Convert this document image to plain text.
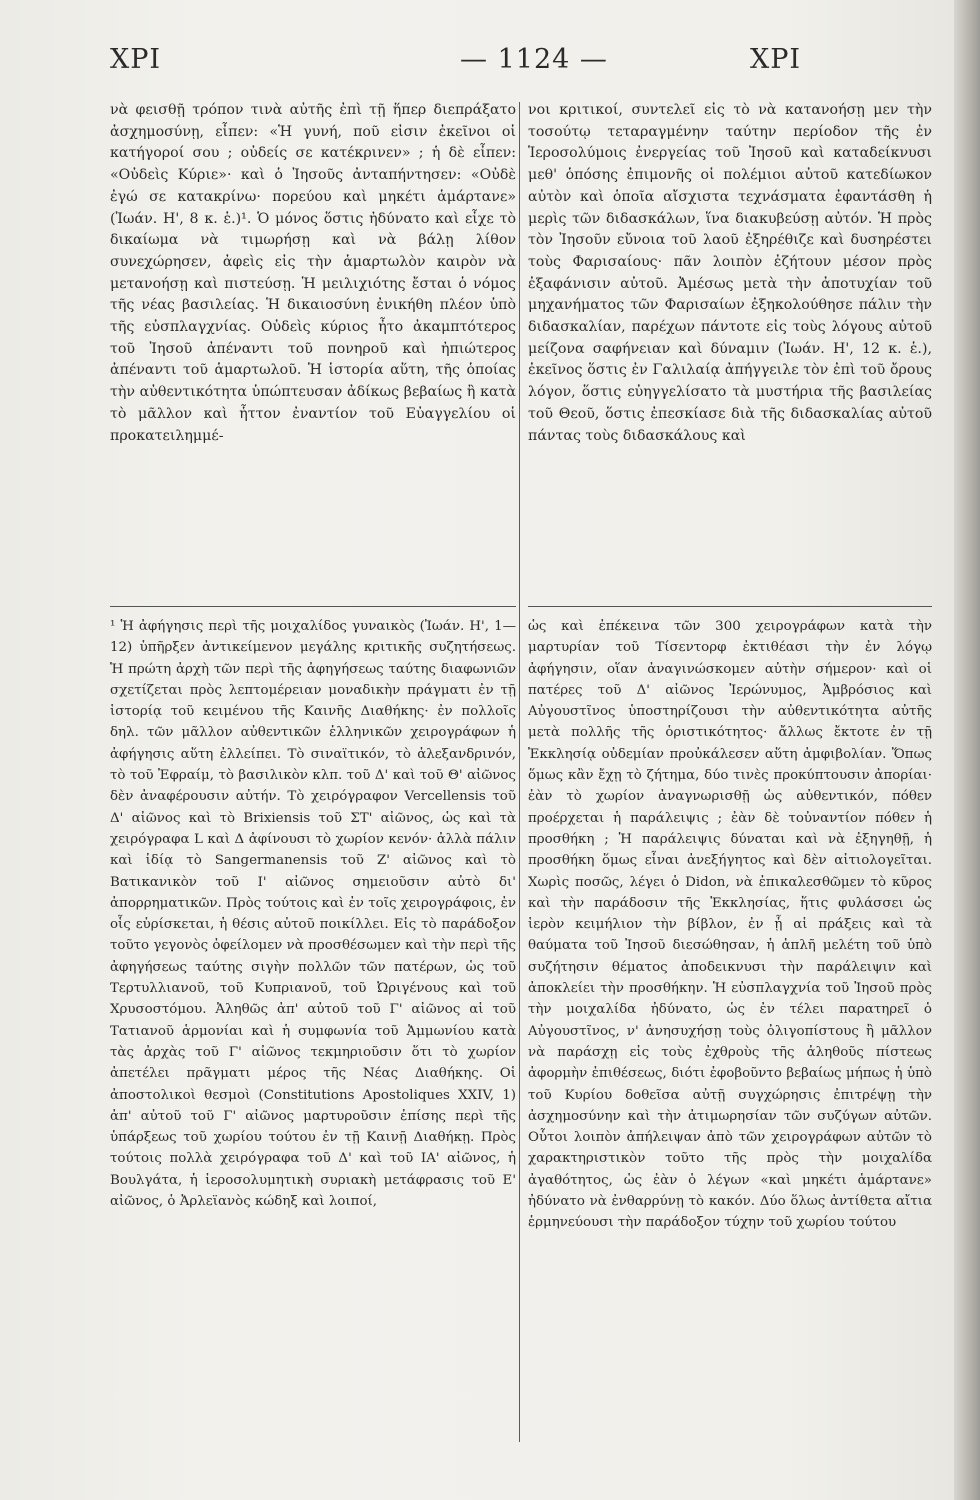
ΧΡΙ	— 1124 —	ΧΡΙ

νὰ φεισθῇ τρόπον τινὰ αὐτῆς ἐπὶ τῇ ἥπερ διεπράξατο ἀσχημοσύνῃ, εἶπεν: «Ἡ γυνή, ποῦ εἰσιν ἐκεῖνοι οἱ κατήγοροί σου ; οὐδείς σε κατέκρινεν» ; ἡ δὲ εἶπεν: «Οὐδεὶς Κύριε»· καὶ ὁ Ἰησοῦς ἀνταπήντησεν: «Οὐδὲ ἐγώ σε κατακρίνω· πορεύου καὶ μηκέτι ἁμάρτανε» (Ἰωάν. Η', 8 κ. ἑ.)¹. Ὁ μόνος ὅστις ἠδύνατο καὶ εἶχε τὸ δικαίωμα νὰ τιμωρήσῃ καὶ νὰ βάλῃ λίθον συνεχώρησεν, ἀφεὶς εἰς τὴν ἁμαρτωλὸν καιρὸν νὰ μετανοήσῃ καὶ πιστεύσῃ. Ἡ μειλιχιότης ἔσται ὁ νόμος τῆς νέας βασιλείας. Ἡ δικαιοσύνη ἐνικήθη πλέον ὑπὸ τῆς εὐσπλαγχνίας. Οὐδεὶς κύριος ἦτο ἀκαμπτότερος τοῦ Ἰησοῦ ἀπέναντι τοῦ πονηροῦ καὶ ἠπιώτερος ἀπέναντι τοῦ ἁμαρτωλοῦ. Ἡ ἱστορία αὕτη, τῆς ὁποίας τὴν αὐθεντικότητα ὑπώπτευσαν ἀδίκως βεβαίως ἢ κατὰ τὸ μᾶλλον καὶ ἧττον ἐναντίον τοῦ Εὐαγγελίου οἱ προκατειλημμέ-

νοι κριτικοί, συντελεῖ εἰς τὸ νὰ κατανοήσῃ μεν τὴν τοσούτῳ τεταραγμένην ταύτην περίοδον τῆς ἐν Ἱεροσολύμοις ἐνεργείας τοῦ Ἰησοῦ καὶ καταδείκνυσι μεθ' ὁπόσης ἐπιμονῆς οἱ πολέμιοι αὐτοῦ κατεδίωκον αὐτὸν καὶ ὁποῖα αἴσχιστα τεχνάσματα ἐφαντάσθη ἡ μερὶς τῶν διδασκάλων, ἵνα διακυβεύσῃ αὐτόν. Ἡ πρὸς τὸν Ἰησοῦν εὔνοια τοῦ λαοῦ ἐξηρέθιζε καὶ δυσηρέστει τοὺς Φαρισαίους· πᾶν λοιπὸν ἐζήτουν μέσον πρὸς ἐξαφάνισιν αὐτοῦ. Ἀμέσως μετὰ τὴν ἀποτυχίαν τοῦ μηχανήματος τῶν Φαρισαίων ἐξηκολούθησε πάλιν τὴν διδασκαλίαν, παρέχων πάντοτε εἰς τοὺς λόγους αὐτοῦ μείζονα σαφήνειαν καὶ δύναμιν (Ἰωάν. Η', 12 κ. ἑ.), ἐκεῖνος ὅστις ἐν Γαλιλαίᾳ ἀπήγγειλε τὸν ἐπὶ τοῦ ὄρους λόγον, ὅστις εὐηγγελίσατο τὰ μυστήρια τῆς βασιλείας τοῦ Θεοῦ, ὅστις ἐπεσκίασε διὰ τῆς διδασκαλίας αὐτοῦ πάντας τοὺς διδασκάλους καὶ

¹ Ἡ ἀφήγησις περὶ τῆς μοιχαλίδος γυναικὸς (Ἰωάν. Η', 1—12) ὑπῆρξεν ἀντικείμενον μεγάλης κριτικῆς συζητήσεως. Ἡ πρώτη ἀρχὴ τῶν περὶ τῆς ἀφηγήσεως ταύτης διαφωνιῶν σχετίζεται πρὸς λεπτομέρειαν μοναδικὴν πράγματι ἐν τῇ ἱστορίᾳ τοῦ κειμένου τῆς Καινῆς Διαθήκης· ἐν πολλοῖς δηλ. τῶν μᾶλλον αὐθεντικῶν ἑλληνικῶν χειρογράφων ἡ ἀφήγησις αὕτη ἐλλείπει. Τὸ σιναϊτικόν, τὸ ἀλεξανδρινόν, τὸ τοῦ Ἐφραίμ, τὸ βασιλικὸν κλπ. τοῦ Δ' καὶ τοῦ Θ' αἰῶνος δὲν ἀναφέρουσιν αὐτήν. Τὸ χειρόγραφον Vercellensis τοῦ Δ' αἰῶνος καὶ τὸ Brixiensis τοῦ ΣΤ' αἰῶνος, ὡς καὶ τὰ χειρόγραφα L καὶ Δ ἀφίνουσι τὸ χωρίον κενόν· ἀλλὰ πάλιν καὶ ἰδίᾳ τὸ Sangermanensis τοῦ Ζ' αἰῶνος καὶ τὸ Βατικανικὸν τοῦ Ι' αἰῶνος σημειοῦσιν αὐτὸ δι' ἀπορρηματικῶν. Πρὸς τούτοις καὶ ἐν τοῖς χειρογράφοις, ἐν οἷς εὑρίσκεται, ἡ θέσις αὐτοῦ ποικίλλει. Εἰς τὸ παράδοξον τοῦτο γεγονὸς ὀφείλομεν νὰ προσθέσωμεν καὶ τὴν περὶ τῆς ἀφηγήσεως ταύτης σιγὴν πολλῶν τῶν πατέρων, ὡς τοῦ Τερτυλλιανοῦ, τοῦ Κυπριανοῦ, τοῦ Ὠριγένους καὶ τοῦ Χρυσοστόμου. Ἀληθῶς ἀπ' αὐτοῦ τοῦ Γ' αἰῶνος αἱ τοῦ Τατιανοῦ ἁρμονίαι καὶ ἡ συμφωνία τοῦ Ἀμμωνίου κατὰ τὰς ἀρχὰς τοῦ Γ' αἰῶνος τεκμηριοῦσιν ὅτι τὸ χωρίον ἀπετέλει πρᾶγματι μέρος τῆς Νέας Διαθήκης. Οἱ ἀποστολικοὶ θεσμοὶ (Constitutions Apostoliques XXIV, 1) ἀπ' αὐτοῦ τοῦ Γ' αἰῶνος μαρτυροῦσιν ἐπίσης περὶ τῆς ὑπάρξεως τοῦ χωρίου τούτου ἐν τῇ Καινῇ Διαθήκῃ. Πρὸς τούτοις πολλὰ χειρόγραφα τοῦ Δ' καὶ τοῦ ΙΑ' αἰῶνος, ἡ Βουλγάτα, ἡ ἱεροσολυμητικὴ συριακὴ μετάφρασις τοῦ Ε' αἰῶνος, ὁ Ἀρλεϊανὸς κώδηξ καὶ λοιποί,

ὡς καὶ ἐπέκεινα τῶν 300 χειρογράφων κατὰ τὴν μαρτυρίαν τοῦ Τίσεντορφ ἐκτιθέασι τὴν ἐν λόγῳ ἀφήγησιν, οἵαν ἀναγινώσκομεν αὐτὴν σήμερον· καὶ οἱ πατέρες τοῦ Δ' αἰῶνος Ἱερώνυμος, Ἀμβρόσιος καὶ Αὐγουστῖνος ὑποστηρίζουσι τὴν αὐθεντικότητα αὐτῆς μετὰ πολλῆς τῆς ὁριστικότητος· ἄλλως ἔκτοτε ἐν τῇ Ἐκκλησίᾳ οὐδεμίαν προὐκάλεσεν αὕτη ἀμφιβολίαν. Ὅπως ὅμως κἂν ἔχῃ τὸ ζήτημα, δύο τινὲς προκύπτουσιν ἀπορίαι· ἐὰν τὸ χωρίον ἀναγνωρισθῇ ὡς αὐθεντικόν, πόθεν προέρχεται ἡ παράλειψις ; ἐὰν δὲ τοὐναντίον πόθεν ἡ προσθήκη ; Ἡ παράλειψις δύναται καὶ νὰ ἐξηγηθῇ, ἡ προσθήκη ὅμως εἶναι ἀνεξήγητος καὶ δὲν αἰτιολογεῖται. Χωρὶς ποσῶς, λέγει ὁ Didon, νὰ ἐπικαλεσθῶμεν τὸ κῦρος καὶ τὴν παράδοσιν τῆς Ἐκκλησίας, ἥτις φυλάσσει ὡς ἱερὸν κειμήλιον τὴν βίβλον, ἐν ᾗ αἱ πράξεις καὶ τὰ θαύματα τοῦ Ἰησοῦ διεσώθησαν, ἡ ἁπλῆ μελέτη τοῦ ὑπὸ συζήτησιν θέματος ἀποδεικνυσι τὴν παράλειψιν καὶ ἀποκλείει τὴν προσθήκην. Ἡ εὐσπλαγχνία τοῦ Ἰησοῦ πρὸς τὴν μοιχαλίδα ἠδύνατο, ὡς ἐν τέλει παρατηρεῖ ὁ Αὐγουστῖνος, ν' ἀνησυχήσῃ τοὺς ὀλιγοπίστους ἢ μᾶλλον νὰ παράσχῃ εἰς τοὺς ἐχθροὺς τῆς ἀληθοῦς πίστεως ἀφορμὴν ἐπιθέσεως, διότι ἐφοβοῦντο βεβαίως μήπως ἡ ὑπὸ τοῦ Κυρίου δοθεῖσα αὐτῇ συγχώρησις ἐπιτρέψῃ τὴν ἀσχημοσύνην καὶ τὴν ἀτιμωρησίαν τῶν συζύγων αὐτῶν. Οὗτοι λοιπὸν ἀπήλειψαν ἀπὸ τῶν χειρογράφων αὐτῶν τὸ χαρακτηριστικὸν τοῦτο τῆς πρὸς τὴν μοιχαλίδα ἀγαθότητος, ὡς ἐὰν ὁ λέγων «καὶ μηκέτι ἁμάρτανε» ἠδύνατο νὰ ἐνθαρρύνῃ τὸ κακόν. Δύο ὅλως ἀντίθετα αἴτια ἑρμηνεύουσι τὴν παράδοξον τύχην τοῦ χωρίου τούτου
